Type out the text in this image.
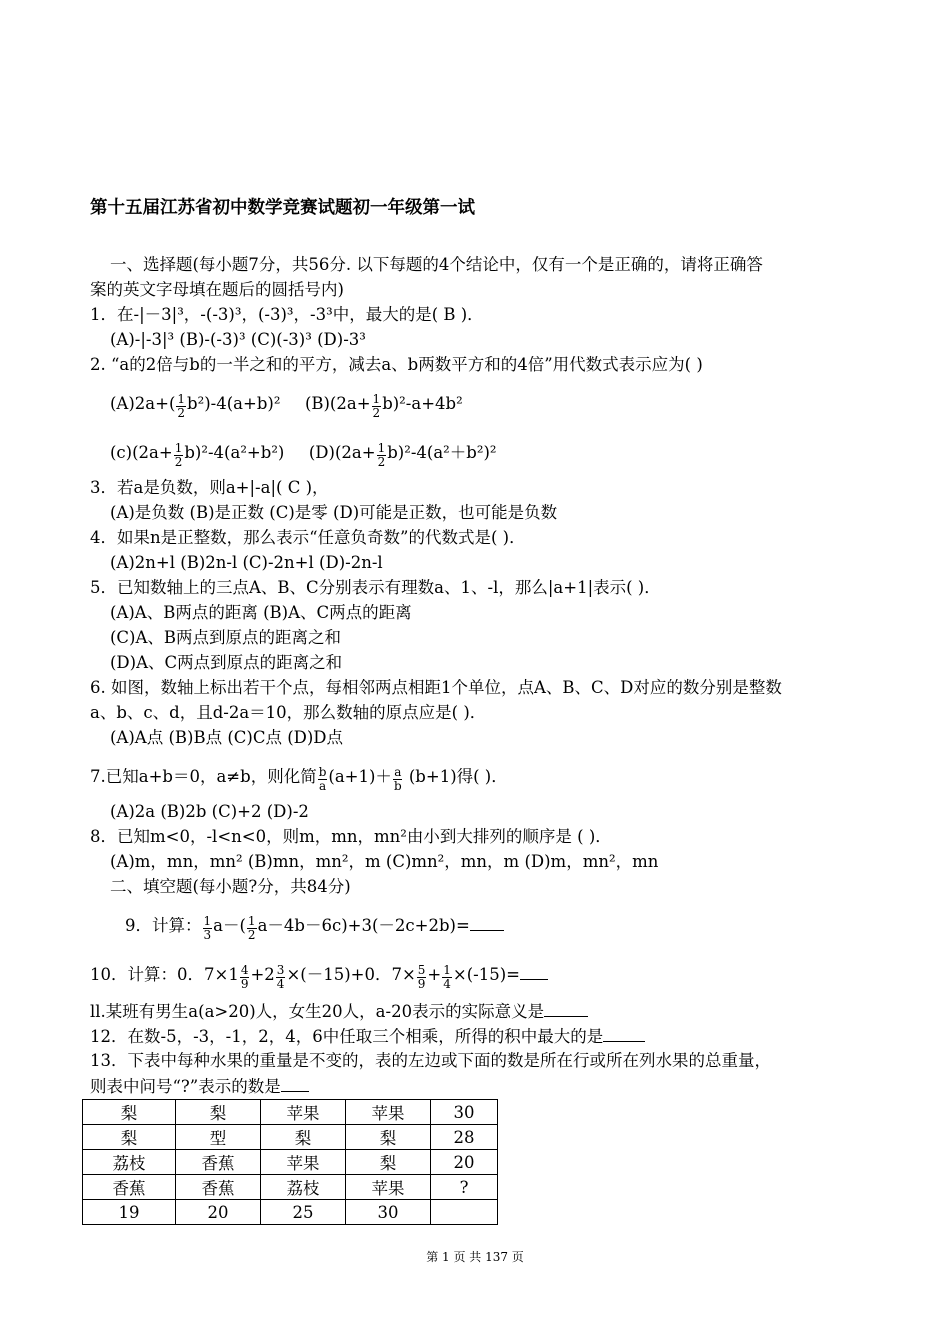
第十五届江苏省初中数学竞赛试题初一年级第一试
一、选择题(每小题7分，共56分. 以下每题的4个结论中，仅有一个是正确的，请将正确答
案的英文字母填在题后的圆括号内)
1．在-|－3|³，-(-3)³，(-3)³，-3³中，最大的是( B )．
(A)-|-3|³ (B)-(-3)³ (C)(-3)³ (D)-3³
2. “a的2倍与b的一半之和的平方，减去a、b两数平方和的4倍”用代数式表示应为( )
$(A)2a+( \frac{1}{2} b^2)-4(a+b)^2$ $(B)(2a+ \frac{1}{2} b)^2-a+4b^2$
$(c)(2a+ \frac{1}{2} b)^2-4(a^2+b^2)$ $(D)(2a+ \frac{1}{2} b)^2-4(a^2+b^2)^2$
3．若a是负数，则a+|-a|( C )，
(A)是负数 (B)是正数 (C)是零 (D)可能是正数，也可能是负数
4．如果n是正整数，那么表示“任意负奇数”的代数式是( )．
(A)2n+l (B)2n-l (C)-2n+l (D)-2n-l
5．已知数轴上的三点A、B、C分别表示有理数a、1、-l，那么|a+1|表示( )．
(A)A、B两点的距离 (B)A、C两点的距离
(C)A、B两点到原点的距离之和
(D)A、C两点到原点的距离之和
6. 如图，数轴上标出若干个点，每相邻两点相距1个单位，点A、B、C、D对应的数分别是整数
a、b、c、d，且d-2a＝10，那么数轴的原点应是( )．
(A)A点 (B)B点 (C)C点 (D)D点
7.已知a+b＝0，a≠b，则化简 $\frac{b}{a} (a+1)+ \frac{a}{b} (b+1)$得( )．
(A)2a (B)2b (C)+2 (D)-2
8．已知m<0，-l<n<0，则m，mn，mn²由小到大排列的顺序是 ( )．
(A)m，mn，mn² (B)mn，mn²，m (C)mn²，mn，m (D)m，mn²，mn
二、填空题(每小题?分，共84分)
9．计算： $\frac{1}{3} a-( \frac{1}{2} a-4b-6c)+3(-2c+2b)=$
10．计算：0．$7\times 1 \frac{4}{9} +2 \frac{3}{4} \times(-15)+0$．$7\times \frac{5}{9} + \frac{1}{4} \times(-15)=$
ll.某班有男生a(a>20)人，女生20人，a-20表示的实际意义是
12．在数-5，-3，-1，2，4，6中任取三个相乘，所得的积中最大的是
13．下表中每种水果的重量是不变的，表的左边或下面的数是所在行或所在列水果的总重量，
则表中问号“?”表示的数是
梨	梨	苹果	苹果	30
梨	型	梨	梨	28
荔枝	香蕉	苹果	梨	20
香蕉	香蕉	荔枝	苹果	?
19	20	25	30	
第 1 页 共 137 页
